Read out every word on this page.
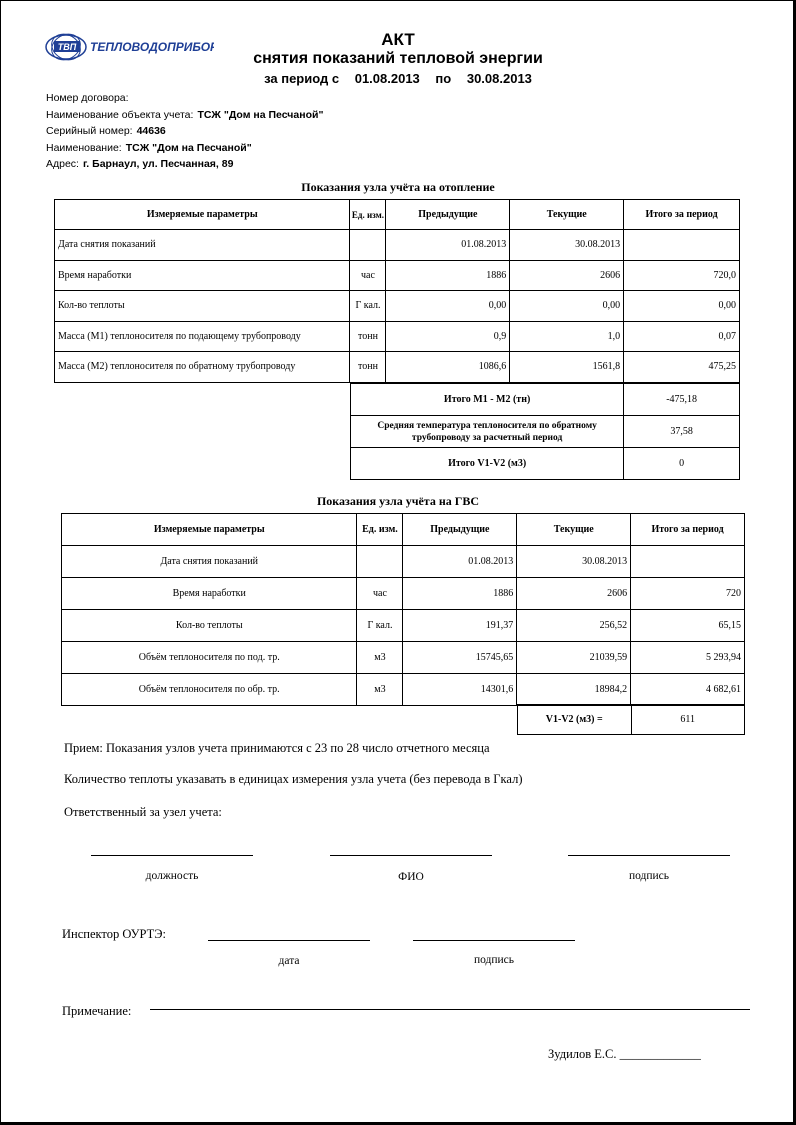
ТВП ТЕПЛОВОДОПРИБОР	АКТ
снятия показаний тепловой энергии
за период с 01.08.2013 по 30.08.2013
Номер договора:
Наименование объекта учета: ТСЖ "Дом на Песчаной"
Серийный номер: 44636
Наименование: ТСЖ "Дом на Песчаной"
Адрес: г. Барнаул, ул. Песчанная, 89
Показания узла учёта на отопление
Измеряемые параметры	Ед. изм.	Предыдущие	Текущие	Итого за период
Дата снятия показаний		01.08.2013	30.08.2013	
Время наработки	час	1886	2606	720,0
Кол-во теплоты	Г кал.	0,00	0,00	0,00
Масса (М1) теплоносителя по подающему трубопроводу	тонн	0,9	1,0	0,07
Масса (М2) теплоносителя по обратному трубопроводу	тонн	1086,6	1561,8	475,25
Итого М1 - М2 (тн)	-475,18
Средняя температура теплоносителя по обратному трубопроводу за расчетный период	37,58
Итого V1-V2 (м3)	0
Показания узла учёта на ГВС
Измеряемые параметры	Ед. изм.	Предыдущие	Текущие	Итого за период
Дата снятия показаний		01.08.2013	30.08.2013	
Время наработки	час	1886	2606	720
Кол-во теплоты	Г кал.	191,37	256,52	65,15
Объём теплоносителя по под. тр.	м3	15745,65	21039,59	5 293,94
Объём теплоносителя по обр. тр.	м3	14301,6	18984,2	4 682,61
V1-V2 (м3) =	611
Прием: Показания узлов учета принимаются с 23 по 28 число отчетного месяца
Количество теплоты указавать в единицах измерения узла учета (без перевода в Гкал)
Ответственный за узел учета:
должность	ФИО	подпись
Инспектор ОУРТЭ:
дата	подпись
Примечание:
Зудилов Е.С. _____________
